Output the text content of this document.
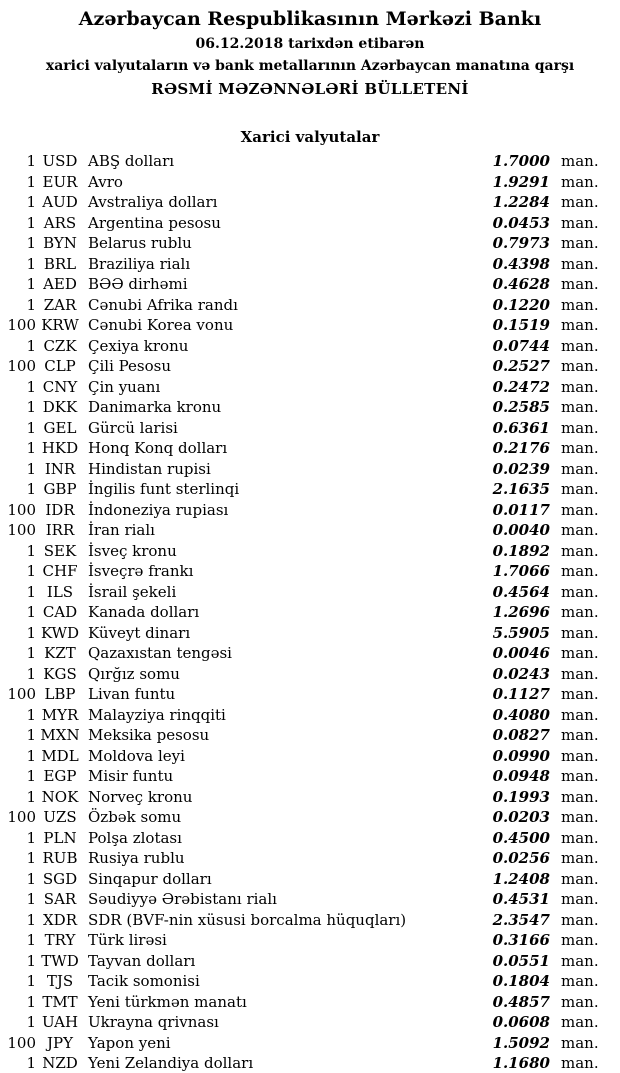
Azərbaycan Respublikasının Mərkəzi Bankı
06.12.2018 tarixdən etibarən
xarici valyutaların və bank metallarının Azərbaycan manatına qarşı
RƏSMİ MƏZƏNNƏLƏRİ BÜLLETENİ
Xarici valyutalar
1 USD ABŞ dolları	1.7000 man.
1 EUR Avro	1.9291 man.
1 AUD Avstraliya dolları	1.2284 man.
1 ARS Argentina pesosu	0.0453 man.
1 BYN Belarus rublu	0.7973 man.
1 BRL Braziliya rialı	0.4398 man.
1 AED BƏƏ dirhəmi	0.4628 man.
1 ZAR Cənubi Afrika randı	0.1220 man.
100 KRW Cənubi Korea vonu	0.1519 man.
1 CZK Çexiya kronu	0.0744 man.
100 CLP Çili Pesosu	0.2527 man.
1 CNY Çin yuanı	0.2472 man.
1 DKK Danimarka kronu	0.2585 man.
1 GEL Gürcü larisi	0.6361 man.
1 HKD Honq Konq dolları	0.2176 man.
1 INR Hindistan rupisi	0.0239 man.
1 GBP İngilis funt sterlinqi	2.1635 man.
100 IDR İndoneziya rupiası	0.0117 man.
100 IRR İran rialı	0.0040 man.
1 SEK İsveç kronu	0.1892 man.
1 CHF İsveçrə frankı	1.7066 man.
1 ILS İsrail şekeli	0.4564 man.
1 CAD Kanada dolları	1.2696 man.
1 KWD Küveyt dinarı	5.5905 man.
1 KZT Qazaxıstan tengəsi	0.0046 man.
1 KGS Qırğız somu	0.0243 man.
100 LBP Livan funtu	0.1127 man.
1 MYR Malayziya rinqqiti	0.4080 man.
1 MXN Meksika pesosu	0.0827 man.
1 MDL Moldova leyi	0.0990 man.
1 EGP Misir funtu	0.0948 man.
1 NOK Norveç kronu	0.1993 man.
100 UZS Özbək somu	0.0203 man.
1 PLN Polşa zlotası	0.4500 man.
1 RUB Rusiya rublu	0.0256 man.
1 SGD Sinqapur dolları	1.2408 man.
1 SAR Səudiyyə Ərəbistanı rialı	0.4531 man.
1 XDR SDR (BVF-nin xüsusi borcalma hüquqları)	2.3547 man.
1 TRY Türk lirəsi	0.3166 man.
1 TWD Tayvan dolları	0.0551 man.
1 TJS Tacik somonisi	0.1804 man.
1 TMT Yeni türkmən manatı	0.4857 man.
1 UAH Ukrayna qrivnası	0.0608 man.
100 JPY	Yapon yeni	1.5092 man.
1 NZD Yeni Zelandiya dolları	1.1680 man.
